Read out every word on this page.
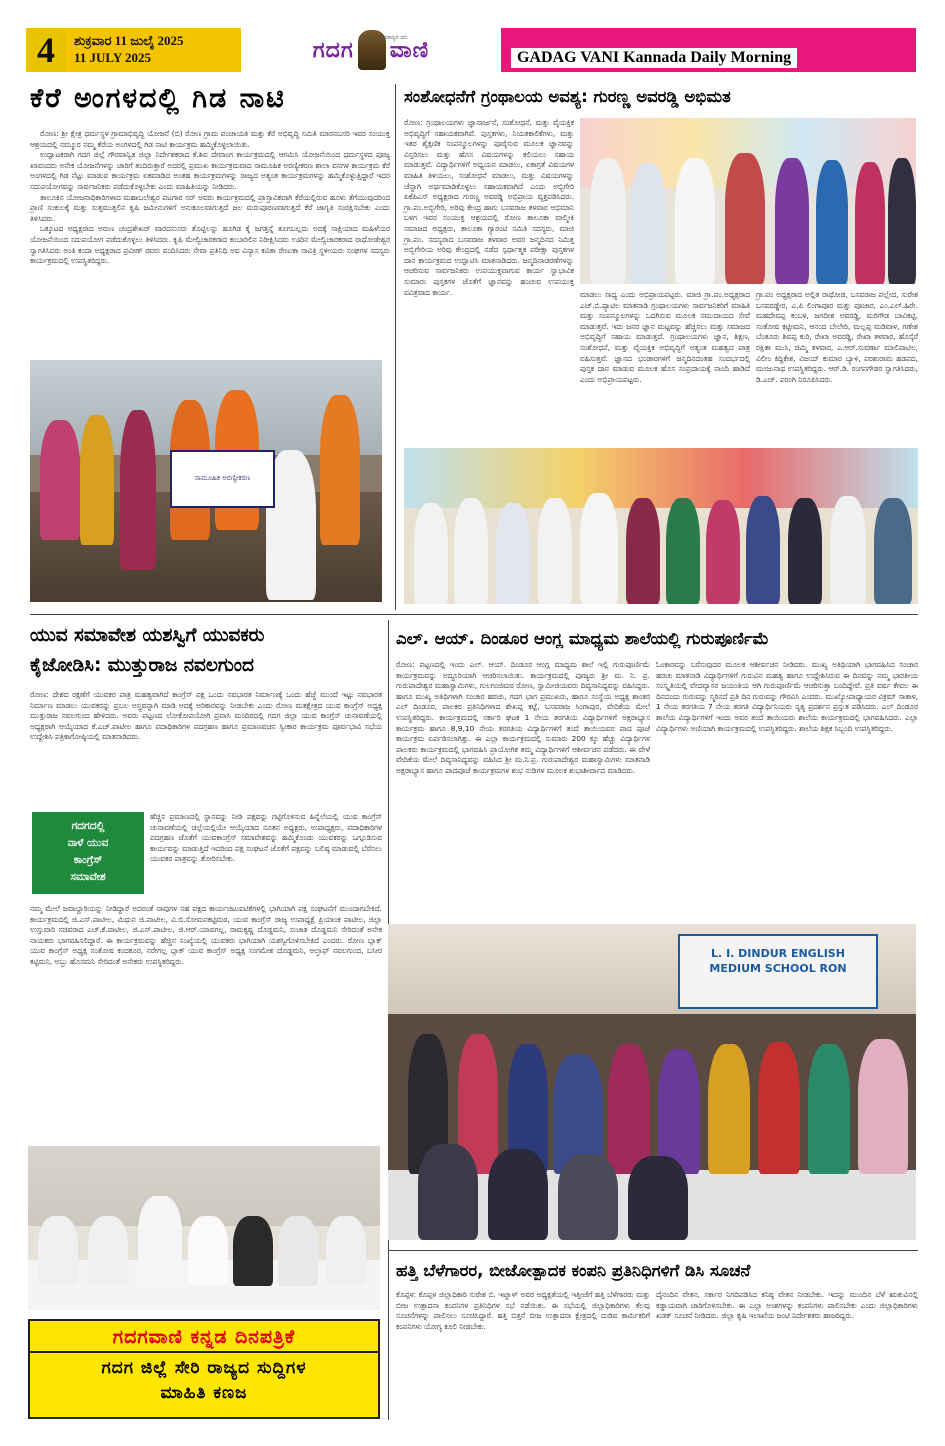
4	ಶುಕ್ರವಾರ 11 ಜುಲೈ 2025
11 JULY 2025
ಇದು ಜನಸಾಮಾನ್ಯರ ದನಿ
ಗದಗ ವಾಣಿ	GADAG VANI Kannada Daily Morning
ಕೆರೆ ಅಂಗಳದಲ್ಲಿ ಗಿಡ ನಾಟಿ

ರೋಣ: ಶ್ರೀ ಕ್ಷೇತ್ರ ಧರ್ಮಸ್ಥಳ ಗ್ರಾಮಾಭಿವೃದ್ಧಿ ಯೋಜನೆ (ಬಿ) ರೋಣ ಗ್ರಾಮ ಪಂಚಾಯತಿ ಮತ್ತು ಕೆರೆ ಅಭಿವೃದ್ಧಿ ಸಮಿತಿ ಮಾರನಬಸರಿ ಇವರ ಸಂಯುಕ್ತ ಆಶ್ರಯದಲ್ಲಿ ನಮ್ಮೂರ ನಮ್ಮ ಕೆರೆಯ ಅಂಗಳದಲ್ಲಿ ಗಿಡ ನಾಟಿ ಕಾರ್ಯಕ್ರಮ ಹಮ್ಮಿಕೊಳ್ಳಲಾಯಿತು.

ಉದ್ಘಾಟಕರಾಗಿ ಗದಗ ಜಿಲ್ಲೆ ಗೌರವಾನ್ವಿತ ಜಿಲ್ಲಾ ನಿರ್ದೇಶಕರಾದ ಕೆ.ಶಿವ ದೇವಾಂಗ ಕಾರ್ಯಕ್ರಮದಲ್ಲಿ ಆಗಮಿಸಿ ಯೋಜನೆಯಿಂದ ಧರ್ಮಸ್ಥಳದ ಪೂಜ್ಯ ಖಾವಂದರು ಅನೇಕ ಯೋಜನೆಗಳನ್ನು ಜಾರಿಗೆ ತಂದಿರುತ್ತಾರೆ ಅದರಲ್ಲಿ ಪ್ರಮುಖ ಕಾರ್ಯಕ್ರಮವಾದ ಸಾಮೂಹಿಕ ಅರಣ್ಯೀಕರಣ ಶಾಲಾ ವನಗಳ ಕಾರ್ಯಕ್ರಮ ಕೆರೆ ಅಂಗಳದಲ್ಲಿ ಗಿಡ ನೆಟ್ಟು ಮಾಡುವ ಕಾರ್ಯಕ್ರಮ ಏಕಮಾಡಿದ ಅಂತಹ ಕಾರ್ಯಕ್ರಮಗಳನ್ನು ರಾಜ್ಯದ ಅತ್ಯಂತ ಕಾರ್ಯಕ್ರಮಗಳನ್ನು ಹಮ್ಮಿಕೊಳ್ಳುತ್ತಿದ್ದಾರೆ ಇದರ ಸದುಪಯೋಗವನ್ನು ಸಾರ್ವಜನಿಕರು ಪಡೆದುಕೊಳ್ಳಬೇಕು ಎಂದು ಮಾಹಿತಿಯನ್ನು ನೀಡಿದರು.

ತಾಲೂಕಿನ ಯೋಜನಾಧಿಕಾರಿಗಳಾದ ಮಹಾಬಲೇಶ್ವರ ಪಟಗಾರ ಸರ್ ಅವರು ಕಾರ್ಯಕ್ರಮದಲ್ಲಿ ಪ್ರಾಸ್ತಾವಿಕವಾಗಿ ಕೆರೆಯಲ್ಲಿರುವ ಹೂಳು ತೆಗೆಯುವುದರಿಂದ ಪ್ರಾಣಿ ಸಂಕುಲಕ್ಕೆ ಮತ್ತು ಸುತ್ತಮುತ್ತಲಿನ ಕೃಷಿ ಜಮೀನುಗಳಿಗೆ ಅನುಕೂಲವಾಗುತ್ತದೆ ಜಲ ಮರುಪೂರಣವಾಗುತ್ತದೆ ಕೆರೆ ಜಾಗೃತಿ ಸಂರಕ್ಷಿಸಬೇಕು ಎಂದು ತಿಳಿಸಿದರು.

ಒಕ್ಕೂಟದ ಅಧ್ಯಕ್ಷರಾದ ಅರುಣ ಚಂದ್ರಶೇಖರ್ ವಾರದಸುಸರು ತೊಟ್ಟಿಲನ್ನು ಹೂಗಿಡ ಕೈ ಜಗತ್ತನ್ನೆ ತೂಗಬಲ್ಲದು ಅದಕ್ಕೆ ಸಾಕ್ಷಿಯಾದ ಮಹಿಳೆಯರ ಯೋಜನೆಯಿಂದ ಸದುಪಯೋಗ ಪಡೆದುಕೊಳ್ಳಲು ತಿಳಿಸಿದರು. ಕೃಷಿ ಮೇಲ್ವಿಚಾರಕರಾದ ಕಂಬಾರಿಲಿನ ನಿರೀಕ್ಷಿಸಿದರು ಊರಿನ ಮೇಲ್ವಿಚಾರಕರಾದ ರಾಥೋಡೇಶ್ವರ ಸ್ವಾಗತಿಸಿದರು ಅಂತಿ ಕಂದಾ ಅಧ್ಯಕ್ಷರಾದ ಪ್ರವೀಣ್ ರವರು ವಂದಿಸಿದರು ಸೇವಾ ಪ್ರತಿನಿಧಿ ಅವ ವಿನ್ಯಾಸ ಕವಿತಾ ರೇಣುಕಾ ಸಾವಿತ್ರಿ ಸ್ಥಳೀಯರು ಸಂಘಗಳ ಸದಸ್ಯರು ಕಾರ್ಯಕ್ರಮದಲ್ಲಿ ಉಪಸ್ಥಿತರಿದ್ದರು.

ಸಾಮೂಹಿಕ ಅರಣ್ಯೀಕರಣ
ಸಂಶೋಧನೆಗೆ ಗ್ರಂಥಾಲಯ ಅವಶ್ಯ: ಗುರಣ್ಣ ಅವರಡ್ಡಿ ಅಭಿಮತ
ರೋಣ: ಗ್ರಂಥಾಲಯಗಳು ಜ್ಞಾನಾರ್ಜನೆ, ಸಂಶೋಧನೆ, ಮತ್ತು ವೈಯಕ್ತಿಕ ಅಭಿವೃದ್ಧಿಗೆ ಸಹಾಯಕವಾಗಿವೆ. ಪುಸ್ತಕಗಳು, ನಿಯತಕಾಲಿಕೆಗಳು, ಮತ್ತು ಇತರ ಶೈಕ್ಷಣಿಕ ಸಂಪನ್ಮೂಲಗಳನ್ನು ಪೂರೈಸುವ ಮೂಲಕ ಜ್ಞಾನವನ್ನು ವಿಸ್ತರಿಸಲು ಮತ್ತು ಹೊಸ ವಿಷಯಗಳನ್ನು ಕಲಿಯಲು ಸಹಾಯ ಮಾಡುತ್ತವೆ. ವಿದ್ಯಾರ್ಥಿಗಳಿಗೆ ಅಧ್ಯಯನ ಮಾಡಲು, ಏಕಾಗ್ರತೆ ವಿಷಯಗಳ ಮಾಹಿತಿ ತಿಳಿಯಲು, ಸಂಶೋಧನೆ ಮಾಡಲು, ಮತ್ತು ವಿಷಯಗಳನ್ನು ಚೆನ್ನಾಗಿ ಅರ್ಥಮಾಡಿಕೊಳ್ಳಲು ಸಹಾಯಕವಾಗಿದೆ ಎಂದು ಅಬ್ಬಿಗೇರಿ ಪಿಕೆಪಿಎಸ್ ಅಧ್ಯಕ್ಷರಾದ ಗುರಣ್ಣ ಅವರಡ್ಡಿ ಅಭಿಪ್ರಾಯ ವ್ಯಕ್ತಪಡಿಸಿದರು. ಗ್ರಾ.ಪಂ.ಅಬ್ಬಿಗೇರಿ, ಅರಿವು ಕೇಂದ್ರ ಹಾಗು ಬಸವರಾಜ ತಳವಾರ ಅಭಿಮಾನಿ ಬಳಗ ಇವರ ಸಂಯುಕ್ತ ಆಶ್ರಯದಲ್ಲಿ ರೋಣ ತಾಲೂಕಾ ವಾಲ್ಮೀಕಿ ಸಮಾಜದ ಅಧ್ಯಕ್ಷರು, ತಾಲೂಕಾ ಗ್ಯಾರಂಟಿ ಸಮಿತಿ ಸದಸ್ಯರು, ಮಾಜಿ ಗ್ರಾ.ಪಂ. ಸದಸ್ಯರಾದ ಬಸವರಾಜ ತಳವಾರ ಅವರ ಜನ್ಮದಿನದ ನಿಮಿತ್ತ ಅಬ್ಬಿಗೇರಿಯ ಅರಿವು ಕೇಂದ್ರದಲ್ಲಿ ನಡೆದ ಸ್ಪರ್ಧಾತ್ಮಕ ಪರೀಕ್ಷಾ ಪುಸ್ತಕಗಳ ದಾನ ಕಾರ್ಯಕ್ರಮದ ಉದ್ಘಾಟಿಸಿ ಮಾತನಾಡಿದರು. ಜನ್ಮದಿನಾಚರಣೆಗಳನ್ನು ಆಚರಿಸುವ ಸಾರ್ವಜನಿಕರು ಉಪಯುಕ್ತವಾಗುವ ಕಾರ್ಯ ಸ್ವಾಭಾವಿಕ ಸುಮಾರು ಪುಸ್ತಕಗಳ ಜೊತೆಗೆ ಜ್ಞಾನವನ್ನು ಹಂಚುವ ಉಪಯುಕ್ತ ಪವಿತ್ರವಾದ ಕಾರ್ಯ.	ಮಾಡಲು ಸಾಧ್ಯ ಎಂದು ಅಭಿಪ್ರಾಯಪಟ್ಟರು. ಮಾಜಿ ಗ್ರಾ.ಪಂ.ಅಧ್ಯಕ್ಷರಾದ ಎಚ್.ಬಿ.ಪ್ಯಾಟಿಲ ಮಾತನಾಡಿ ಗ್ರಂಥಾಲಯಗಳು ಸಾರ್ವಜನಿಕರಿಗೆ ಮಾಹಿತಿ ಮತ್ತು ಸಂಪನ್ಮೂಲಗಳನ್ನು ಒದಗಿಸುವ ಮೂಲಕ ಸಮುದಾಯದ ಸೇವೆ ಮಾಡುತ್ತವೆ. ಇದು ಜನರ ಜ್ಞಾನ ಮಟ್ಟವನ್ನು ಹೆಚ್ಚಿಸಲು ಮತ್ತು ಸಮಾಜದ ಅಭಿವೃದ್ಧಿಗೆ ಸಹಾಯ ಮಾಡುತ್ತದೆ. ಗ್ರಂಥಾಲಯಗಳು ಜ್ಞಾನ, ಶಿಕ್ಷಣ, ಸಂಶೋಧನೆ, ಮತ್ತು ವೈಯಕ್ತಿಕ ಅಭಿವೃದ್ಧಿಗೆ ಅತ್ಯಂತ ಮಹತ್ವದ ಪಾತ್ರ ವಹಿಸುತ್ತವೆ. ಜ್ಞಾನದ ಭಂಡಾರಗಳಿಗೆ ಜನ್ಮದಿನದಂತಹ ಸಂದರ್ಭದಲ್ಲಿ ಪುಸ್ತಕ ದಾನ ಮಾಡುವ ಮೂಲಕ ಹೊಸ ಸಂಪ್ರದಾಯಕ್ಕೆ ನಾಂದಿ ಹಾಡಿದೆ ಎಂದು ಅಭಿಪ್ರಾಯಪಟ್ಟರು.
ಗ್ರಾ.ಪಂ ಅಧ್ಯಕ್ಷರಾದ ಅಲ್ಲಿತ ರಾಥೋಡ, ಬಸವರಾಜ ಪಲ್ಲೇದ, ಸುರೇಶ ಬಸವರಡ್ಡೇರ, ಎ.ಪಿ ಲಿಂಗಾಪೂರ ಮತ್ತು ಪೂಜಾರ, ಎಂ.ಎಲ್.ಹಿರೇ. ಮಹದೇವಪ್ಪ ಕಂಬಳಿ, ಜಗದೀಶ ಅವರಡ್ಡಿ, ಮರಿಗೌಡ ಬಾವಿಕಟ್ಟಿ, ಸಂತೋಷ ಕಟ್ಟೀಮನಿ, ಆನಂದ ಬೇಲೇರಿ, ಮಲ್ಲಪ್ಪ ಮಡಿವಾಳ, ಗಣೇಶ ಬೆಂತೂರು ಶಿವಪ್ಪ ಕುರಿ, ರೇಖಾ ಅವರಡ್ಡಿ, ರೇಖಾ ತಳವಾರ, ಹೊಸ್ಕೆರೆ ರಕ್ಷಿತಾ ಮುಸಿ, ಚಿಮ್ಮಿ ತಳವಾರ, ಎ.ಆರ್.ಸುವರ್ಣಾ ಮಾಲಿಪಾಟಿಲ, ವಿಲೀಂ ಕಿದ್ದಿಕೇಶ, ವಿಜಯ್ ಕುಮಾರ ಬ್ಯಾಳಿ, ಪರಶುರಾಮ ಹಡಪದ, ಮಂಜುನಾಥ ಉಪಸ್ಥಿತರಿದ್ದರು. ಆರ್.ಡಿ. ರಂಗನಗೌಡರ ಸ್ವಾಗತಿಸಿದರು, ಡಿ.ಎಚ್. ಪರಂಗಿ ನಿರೂಪಿಸಿದರು.
ಯುವ ಸಮಾವೇಶ ಯಶಸ್ವಿಗೆ ಯುವಕರು
ಕೈಜೋಡಿಸಿ: ಮುತ್ತುರಾಜ ನವಲಗುಂದ
ರೋಣ: ದೇಶದ ರಕ್ಷಣೆಗೆ ಯುವಕರ ಪಾತ್ರ ಮಹತ್ವವಾಗಿದೆ ಕಾಂಗ್ರೆಸ್ ಪಕ್ಷ ಒಂದು ನವಭಾರತ ನಿರ್ಮಾಣಕ್ಕೆ ಒಂದು ಹೆಜ್ಜೆ ಮುಂದೆ ಇಟ್ಟು ನವಭಾರತ ನಿರ್ಮಾಣ ಮಾಡಲು ಯುವಕರನ್ನು ಪ್ರಬಲ ಅಸ್ತ್ರವನ್ನಾಗಿ ಮಾಡಿ ಅದಕ್ಕೆ ಅರಿಕಾರವನ್ನು ನೀಡಬೇಕು ಎಂದು ರೋಣ ಮತಕ್ಷೇತ್ರದ ಯುವ ಕಾಂಗ್ರೆಸ್ ಅಧ್ಯಕ್ಷ ಮುತ್ತುರಾಜ ನವಲಗುಂದ ಹೇಳಿದರು. ಅವರು ಪಟ್ಟಣದ ಲೋಕೋಪಯೋಗಿ ಪ್ರವಾಸಿ ಮಂದಿರದಲ್ಲಿ ಗದಗ ಜಿಲ್ಲಾ ಯುವ ಕಾಂಗ್ರೆಸ್ ಚುನಾವಣೆಯಲ್ಲಿ ಅಧ್ಯಕ್ಷರಾಗಿ ಆಯ್ಕೆಯಾದ ಕೆ.ಎಚ್.ಪಾಟೀಲ ಹಾಗೂ ಪದಾಧಿಕಾರಿಗಳ ಪದಗ್ರಹಣ ಹಾಗೂ ಪ್ರಮಾಣವಚನ ಸ್ವೀಕಾರ ಕಾರ್ಯಕ್ರಮ ಪೂರ್ವಭಾವಿ ಸಭೆಯ ಉದ್ದೇಶಿಸಿ ಪತ್ರಿಕಾಗೋಷ್ಠಿಯಲ್ಲಿ ಮಾತನಾಡಿದರು.
ಗದಗದಲ್ಲಿ
ನಾಳೆ ಯುವ
ಕಾಂಗ್ರೆಸ್
ಸಮಾವೇಶ
ಹೆಚ್ಚಿನ ಪ್ರಮಾಣದಲ್ಲಿ ಸ್ಥಾನವನ್ನು ನೀಡಿ ಪಕ್ಷವನ್ನು ಗಟ್ಟಿಗೊಳಿಸುವ ಹಿನ್ನೆಲೆಯಲ್ಲಿ ಯುವ ಕಾಂಗ್ರೆಸ್ ಚುನಾವಣೆಯಲ್ಲಿ ಚಿಲ್ಲೆಯಲ್ಲಿಯೇ ಆಯ್ಕೆಯಾದ ನೂತನ ಅಧ್ಯಕ್ಷರು, ಉಪಾಧ್ಯಕ್ಷರು, ಪದಾಧಿಕಾರಿಗಳ ಪದಗ್ರಹಣ ಜೊತೆಗೆ ಯುವಕಾಂಗ್ರೆಸ್ ಸಮಾವೇಶವನ್ನು ಹಮ್ಮಿಕೊಂಡು ಯುವಕರನ್ನು ಒಗ್ಗೂಡಿಸುವ ಕಾರ್ಯವನ್ನು ಮಾಡುತ್ತಿದೆ ಇದರಿಂದ ಪಕ್ಷ ಸಂಘಟನೆ ಜೊತೆಗೆ ಪಕ್ಷವನ್ನು ಬಲಿಷ್ಠ ಮಾಡುವಲ್ಲಿ ಬೆರೆಸಲು ಯುವಕರ ಪಾತ್ರವನ್ನು ತೋರಿಸಬೇಕು.
ನಮ್ಮ ಮೇಲೆ ಜವಾಬ್ದಾರಿಯನ್ನು ನೀಡಿದ್ದಾರೆ ಅದರಂತೆ ನಾವುಗಳ ಸಹ ಪಕ್ಷದ ಕಾರ್ಯಚಟುವಟಿಕೆಗಳಲ್ಲಿ ಭಾಗಿಯಾಗಿ ಪಕ್ಷ ಸಂಘಟನೆಗೆ ಮುಂದಾಗಬೇಕಿದೆ. ಕಾರ್ಯಕ್ರಮದಲ್ಲಿ ಜಿ.ಎಸ್.ಪಾಟೀಲ, ಮಿಥುನ ಜಿ.ಪಾಟೀಲ, ವಿ.ಬಿ.ಸೋಮನಕಟ್ಟಿಮಠ, ಯುವ ಕಾಂಗ್ರೆಸ್ ರಾಜ್ಯ ಉಪಾಧ್ಯಕ್ಷೆ ಪ್ರಿಯಾಂಕ ಪಾಟೀಲ, ಜಿಲ್ಲಾ ಉಸ್ತುವಾರಿ ಸಚಿವರಾದ ಎಚ್.ಕೆ.ಪಾಟೀಲ, ಜಿ.ಎಸ್.ಪಾಟೀಲ, ಜಿ.ಆರ್.ಯಾವಗಲ್ಲ, ರಾಮಕೃಷ್ಣ ದೊಡ್ಡಮನಿ, ಸುಜಾತ ದೊಡ್ಡಮನಿ ಸೇರಿದಂತೆ ಅನೇಕ ನಾಯಕರು ಭಾಗವಹಿಸಲಿದ್ದಾರೆ. ಈ ಕಾರ್ಯಕ್ರಮವನ್ನು ಹೆಚ್ಚಿನ ಸಂಖ್ಯೆಯಲ್ಲಿ ಯುವಕರು ಭಾಗಿಯಾಗಿ ಯಶಸ್ವಿಗೊಳಿಸಬೇಕಿದೆ ಎಂದರು. ರೋಣ ಬ್ಲಾಕ್ ಯುವ ಕಾಂಗ್ರೆಸ್ ಅಧ್ಯಕ್ಷ ಸಂತೋಷ ಕಂದಕೂರ, ನರೇಗಲ್ಲ ಬ್ಲಾಕ್ ಯುವ ಕಾಂಗ್ರೆಸ್ ಅಧ್ಯಕ್ಷ ಸಂಗಮೇಶ ದೊಡ್ಡಮನಿ, ಅಲ್ತಾಫ್ ನವಲಗುಂದ, ಬಸೀರ ಕಟ್ಟಿಮನಿ, ಅಬ್ಬು ಹೊಸಮನಿ ಸೇರಿದಂತೆ ಅನೇಕರು ಉಪಸ್ಥಿತರಿದ್ದರು.
ಎಲ್. ಆಯ್. ದಿಂಡೂರ ಆಂಗ್ಲ ಮಾಧ್ಯಮ ಶಾಲೆಯಲ್ಲಿ ಗುರುಪೂರ್ಣಿಮೆ
ರೋಣ: ಪಟ್ಟಣದಲ್ಲಿ ಇಂದು ಎಲ್. ಆಯ್. ದಿಂಡೂರ ಆಂಗ್ಲ ಮಾಧ್ಯಮ ಶಾಲೆ ಇಲ್ಲಿ ಗುರುಪೂರ್ಣಿಮೆ ಕಾರ್ಯಕ್ರಮವನ್ನು ಅದ್ದೂರಿಯಾಗಿ ಆಚರಿಸಲಾಯಿತು. ಕಾರ್ಯಕ್ರಮದಲ್ಲಿ ಪೂಜ್ಯರು ಶ್ರೀ ಮ. ನಿ. ಪ್ರ. ಗುರುಪಾದೇಶ್ವರ ಮಹಾಸ್ವಾಮಿಗಳು, ಗುಲಗಂಜಿಮಠ ರೋಣ, ಸ್ವಾಮೀಜಿಯವರು ದಿವ್ಯಸಾನಿಧ್ಯವನ್ನು ವಹಿಸಿದ್ದರು. ಹಾಗೂ ಮುಖ್ಯ ಅತಿಥಿಗಳಾಗಿ ಸಂಚಾರ ಹರಚು, ಗದಗ ಭಾಗ ಪ್ರಮುಖರು, ಹಾಗೂ ಸಂಸ್ಥೆಯ ಅಧ್ಯಕ್ಷ ಶಾಂತರ ಎಲ್ ದಿಂಡೂರ, ಪಾಲಕರ ಪ್ರತಿನಿಧಿಗಳಾದ ಶೇಖಪ್ಪ ಕಟ್ಟೆ, ಬಸವರಾಜ ಸಿಂಗಾಪುರ, ವೇದಿಕೆಯ ಮೇಲೆ ಉಪಸ್ಥಿತರಿದ್ದರು. ಕಾರ್ಯಕ್ರಮದಲ್ಲಿ ಸರ್ಕಾರಿ ಘಟಕ 1 ನೇಯ ತರಗತಿಯ ವಿದ್ಯಾರ್ಥಿಗಳಿಗೆ ಅಕ್ಷರಾಭ್ಯಾಸ ಕಾರ್ಯಕ್ರಮ ಹಾಗೂ 8,9,10 ನೇಯ ತರಗತಿಯ ವಿದ್ಯಾರ್ಥಿಗಳಿಗೆ ತಂದೆ ತಾಯಿಯವರ ಪಾದ ಪೂಜೆ ಕಾರ್ಯಕ್ರಮ ಏರ್ಪಡಿಸಲಾಗಿತ್ತು. ಈ ಎಲ್ಲಾ ಕಾರ್ಯಕ್ರಮದಲ್ಲಿ ಸುಮಾರು 200 ಕ್ಕೂ ಹೆಚ್ಚು ವಿದ್ಯಾರ್ಥಿಗಳ ಪಾಲಕರು ಕಾರ್ಯಕ್ರಮದಲ್ಲಿ ಭಾಗವಹಿಸಿ ಪ್ರಾಯೋಗಿಕ ತಮ್ಮ ವಿದ್ಯಾರ್ಥಿಗಳಿಗೆ ಆಶೀರ್ವಚನ ಪಡೆದರು. ಈ ವೇಳೆ ವೇದಿಕೆಯ ಮೇಲೆ ದಿವ್ಯಸಾನಿಧ್ಯವನ್ನು ವಹಿಸಿದ ಶ್ರೀ ಮ.ನಿ.ಪ್ರ. ಗುರುಪಾದೇಶ್ವರ ಮಹಾಸ್ವಾಮಿಗಳು ಮಾತನಾಡಿ ಅಕ್ಷರಾಭ್ಯಾಸ ಹಾಗೂ ಪಾದಪೂಜೆ ಕಾರ್ಯಕ್ರಮಗಳ ಶುಭ ನುಡಿಗಳ ಮೂಲಕ ಶುಭಾಶೀರ್ವಾದ ಮಾಡಿದರು.
ಓಂಕಾರವನ್ನು ಬರೆಸುವುದರ ಮೂಲಕ ಆಶೀರ್ವಚನ ನೀಡಿದರು. ಮುಖ್ಯ ಅತಿಥಿಯಾಗಿ ಭಾಗವಹಿಸಿದ ಸಂಚಾರ ಹರಚು ಮಾತನಾಡಿ ವಿದ್ಯಾರ್ಥಿಗಳಿಗೆ ಗುರುವಿನ ಮಹತ್ವ ಹಾಗೂ ಉದ್ದೇಶಿಸಿರುವ ಈ ದಿನವನ್ನು ನಮ್ಮ ಭಾರತೀಯ ಸಂಸ್ಕೃತಿಯಲ್ಲಿ ವೇದವ್ಯಾಸರ ಜಯಂತಿಯ ಆಗಿ ಗುರುಪೂರ್ಣಿಮೆ ಆಚರಿಸುತ್ತಾ ಬಂದಿದ್ದೇವೆ. ಪ್ರತಿ ವರ್ಷ ಕೇವಲ ಈ ದಿನದಂದು ಗುರುವನ್ನು ಸ್ಮರಿಸದೆ ಪ್ರತಿ ದಿನ ಗುರುವನ್ನು ಗೌರವಿಸಿ ಎಂದರು. ಮುಖ್ಯೋಪಾಧ್ಯಾಯರ ವಿಕ್ರಮ್ ಸಾತಾಳ, 1 ನೇಯ ತರಗತಿಯ 7 ನೇಯ ತರಗತಿ ವಿದ್ಯಾರ್ಥಿನಿಯರು ನೃತ್ಯ ಪ್ರದರ್ಶನ ಪ್ರಸ್ತುತ ಪಡಿಸಿದರು. ಎಲ್ ದಿಂಡೂರ ಶಾಲೆಯ ವಿದ್ಯಾರ್ಥಿಗಳಿಗೆ ಇಂದು ಅವರ ತಂದೆ ತಾಯಿಯರು ಶಾಲೆಯ ಕಾರ್ಯಕ್ರಮದಲ್ಲಿ ಭಾಗವಹಿಸಿದರು. ಎಲ್ಲಾ ವಿದ್ಯಾರ್ಥಿಗಳು ಅಣಿಯಾಗಿ ಕಾರ್ಯಕ್ರಮದಲ್ಲಿ ಉಪಸ್ಥಿತರಿದ್ದರು. ಶಾಲೆಯ ಶಿಕ್ಷಕ ಸಿಬ್ಬಂದಿ ಉಪಸ್ಥಿತರಿದ್ದರು.
L. I. DINDUR ENGLISH MEDIUM SCHOOL RON
ಹತ್ತಿ ಬೆಳೆಗಾರರ, ಬೀಜೋತ್ಪಾದಕ ಕಂಪನಿ ಪ್ರತಿನಿಧಿಗಳಿಗೆ ಡಿಸಿ ಸೂಚನೆ
ಕೊಪ್ಪಳ: ಕೊಪ್ಪಳ ಜಿಲ್ಲಾಧಿಕಾರಿ ಸುರೇಶ ಬಿ. ಇಟ್ನಾಳ್ ಅವರ ಅಧ್ಯಕ್ಷತೆಯಲ್ಲಿ ಇತ್ತೀಚೆಗೆ ಹತ್ತಿ ಬೆಳೆಗಾರರು ಮತ್ತು ಬೀಜ ಉತ್ಪಾದನಾ ಕಂಪನಿಗಳ ಪ್ರತಿನಿಧಿಗಳ ಸಭೆ ನಡೆಯಿತು. ಈ ಸಭೆಯಲ್ಲಿ ಜಿಲ್ಲಾಧಿಕಾರಿಗಳು ಕೆಲವು ಸೂಚನೆಗಳನ್ನು ಪಾಲಿಸಲು ಸೂಚಿಸಿದ್ದಾರೆ. ಹತ್ತಿ ಬಿತ್ತನೆ ಬೀಜ ಉತ್ಪಾದನಾ ಕ್ಷೇತ್ರದಲ್ಲಿ ದುಡಿವ ಕಾರ್ಮಿಕರಿಗೆ ಕಂಪನಿಗಳು ಯೋಗ್ಯ ಕೂಲಿ ನೀಡಬೇಕು.
ದೈನಂದಿನ ವೇತನ, ಸರ್ಕಾರ ನಿಗದಿಪಡಿಸಿದ ಕನಿಷ್ಠ ವೇತನ ನೀಡಬೇಕು. ಇದನ್ನು ಮುಂದಿನ ಬೆಳೆ ಋತುವಿನಲ್ಲಿ ಕಡ್ಡಾಯವಾಗಿ ಜಾರಿಗೊಳಿಸಬೇಕು. ಈ ಎಲ್ಲಾ ಅಂಶಗಳನ್ನು ಕಂಪನಿಗಳು ಪಾಲಿಸಬೇಕು ಎಂದು ಜಿಲ್ಲಾಧಿಕಾರಿಗಳು ಖಡಕ್ ಸೂಚನೆ ನೀಡಿದರು. ಜಿಲ್ಲಾ ಕೃಷಿ ಇಲಾಖೆಯ ಜಂಟಿ ನಿರ್ದೇಶಕರು ಹಾಜರಿದ್ದರು.
ಗದಗವಾಣಿ ಕನ್ನಡ ದಿನಪತ್ರಿಕೆ
ಗದಗ ಜಿಲ್ಲೆ ಸೇರಿ ರಾಜ್ಯದ ಸುದ್ದಿಗಳ
ಮಾಹಿತಿ ಕಣಜ
